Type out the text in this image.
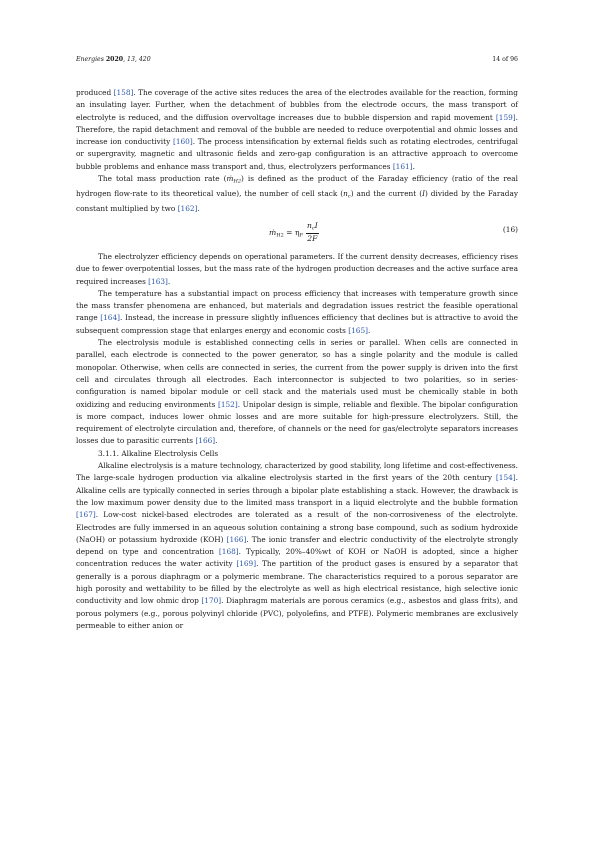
Energies 2020, 13, 420	14 of 96

produced [158]. The coverage of the active sites reduces the area of the electrodes available for the reaction, forming an insulating layer. Further, when the detachment of bubbles from the electrode occurs, the mass transport of electrolyte is reduced, and the diffusion overvoltage increases due to bubble dispersion and rapid movement [159]. Therefore, the rapid detachment and removal of the bubble are needed to reduce overpotential and ohmic losses and increase ion conductivity [160]. The process intensification by external fields such as rotating electrodes, centrifugal or supergravity, magnetic and ultrasonic fields and zero-gap configuration is an attractive approach to overcome bubble problems and enhance mass transport and, thus, electrolyzers performances [161].

The total mass production rate (ṁ$_{H2}$) is defined as the product of the Faraday efficiency (ratio of the real hydrogen flow-rate to its theoretical value), the number of cell stack $(n_c)$ and the current (I) divided by the Faraday constant multiplied by two [162].

ṁ$_{H2}$ = $\eta_F \frac{n_cI}{2F}$	(16)

The electrolyzer efficiency depends on operational parameters. If the current density decreases, efficiency rises due to fewer overpotential losses, but the mass rate of the hydrogen production decreases and the active surface area required increases [163].

The temperature has a substantial impact on process efficiency that increases with temperature growth since the mass transfer phenomena are enhanced, but materials and degradation issues restrict the feasible operational range [164]. Instead, the increase in pressure slightly influences efficiency that declines but is attractive to avoid the subsequent compression stage that enlarges energy and economic costs [165].

The electrolysis module is established connecting cells in series or parallel. When cells are connected in parallel, each electrode is connected to the power generator, so has a single polarity and the module is called monopolar. Otherwise, when cells are connected in series, the current from the power supply is driven into the first cell and circulates through all electrodes. Each interconnector is subjected to two polarities, so in series-configuration is named bipolar module or cell stack and the materials used must be chemically stable in both oxidizing and reducing environments [152]. Unipolar design is simple, reliable and flexible. The bipolar configuration is more compact, induces lower ohmic losses and are more suitable for high-pressure electrolyzers. Still, the requirement of electrolyte circulation and, therefore, of channels or the need for gas/electrolyte separators increases losses due to parasitic currents [166].

3.1.1. Alkaline Electrolysis Cells

Alkaline electrolysis is a mature technology, characterized by good stability, long lifetime and cost-effectiveness. The large-scale hydrogen production via alkaline electrolysis started in the first years of the 20th century [154]. Alkaline cells are typically connected in series through a bipolar plate establishing a stack. However, the drawback is the low maximum power density due to the limited mass transport in a liquid electrolyte and the bubble formation [167]. Low-cost nickel-based electrodes are tolerated as a result of the non-corrosiveness of the electrolyte. Electrodes are fully immersed in an aqueous solution containing a strong base compound, such as sodium hydroxide (NaOH) or potassium hydroxide (KOH) [166]. The ionic transfer and electric conductivity of the electrolyte strongly depend on type and concentration [168]. Typically, 20%–40%wt of KOH or NaOH is adopted, since a higher concentration reduces the water activity [169]. The partition of the product gases is ensured by a separator that generally is a porous diaphragm or a polymeric membrane. The characteristics required to a porous separator are high porosity and wettability to be filled by the electrolyte as well as high electrical resistance, high selective ionic conductivity and low ohmic drop [170]. Diaphragm materials are porous ceramics (e.g., asbestos and glass frits), and porous polymers (e.g., porous polyvinyl chloride (PVC), polyolefins, and PTFE). Polymeric membranes are exclusively permeable to either anion or
